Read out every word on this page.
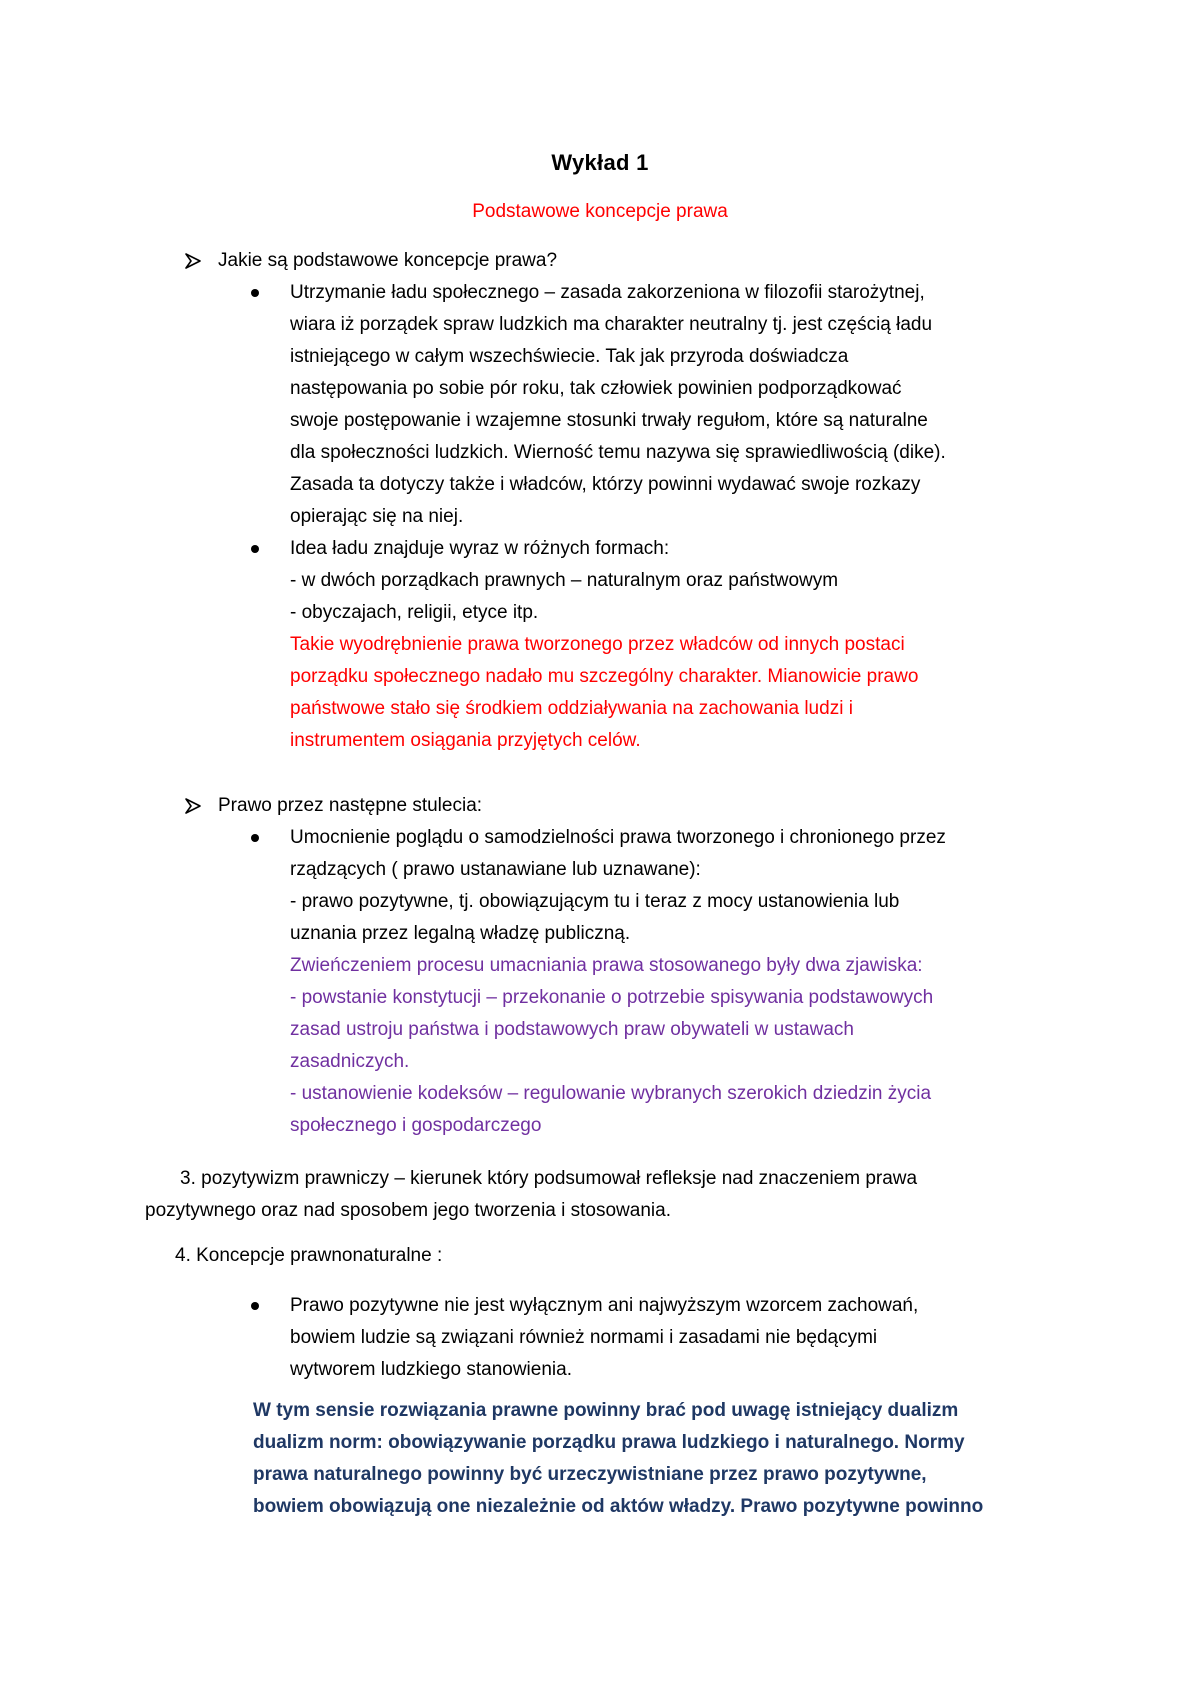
Wykład 1
Podstawowe koncepcje prawa
Jakie są podstawowe koncepcje prawa?
Utrzymanie ładu społecznego – zasada zakorzeniona w filozofii starożytnej,
wiara iż porządek spraw ludzkich ma charakter neutralny tj. jest częścią ładu
istniejącego w całym wszechświecie. Tak jak przyroda doświadcza
następowania po sobie pór roku, tak człowiek powinien podporządkować
swoje postępowanie i wzajemne stosunki trwały regułom, które są naturalne
dla społeczności ludzkich. Wierność temu nazywa się sprawiedliwością (dike).
Zasada ta dotyczy także i władców, którzy powinni wydawać swoje rozkazy
opierając się na niej.
Idea ładu znajduje wyraz w różnych formach:
- w dwóch porządkach prawnych – naturalnym oraz państwowym
- obyczajach, religii, etyce itp.
Takie wyodrębnienie prawa tworzonego przez władców od innych postaci
porządku społecznego nadało mu szczególny charakter. Mianowicie prawo
państwowe stało się środkiem oddziaływania na zachowania ludzi i
instrumentem osiągania przyjętych celów.
Prawo przez następne stulecia:
Umocnienie poglądu o samodzielności prawa tworzonego i chronionego przez
rządzących ( prawo ustanawiane lub uznawane):
- prawo pozytywne, tj. obowiązującym tu i teraz z mocy ustanowienia lub
uznania przez legalną władzę publiczną.
Zwieńczeniem procesu umacniania prawa stosowanego były dwa zjawiska:
- powstanie konstytucji – przekonanie o potrzebie spisywania podstawowych
zasad ustroju państwa i podstawowych praw obywateli w ustawach
zasadniczych.
- ustanowienie kodeksów – regulowanie wybranych szerokich dziedzin życia
społecznego i gospodarczego
3. pozytywizm prawniczy – kierunek który podsumował refleksje nad znaczeniem prawa
pozytywnego oraz nad sposobem jego tworzenia i stosowania.
4. Koncepcje prawnonaturalne :
Prawo pozytywne nie jest wyłącznym ani najwyższym wzorcem zachowań,
bowiem ludzie są związani również normami i zasadami nie będącymi
wytworem ludzkiego stanowienia.
W tym sensie rozwiązania prawne powinny brać pod uwagę istniejący dualizm
dualizm norm: obowiązywanie porządku prawa ludzkiego i naturalnego. Normy
prawa naturalnego powinny być urzeczywistniane przez prawo pozytywne,
bowiem obowiązują one niezależnie od aktów władzy. Prawo pozytywne powinno
